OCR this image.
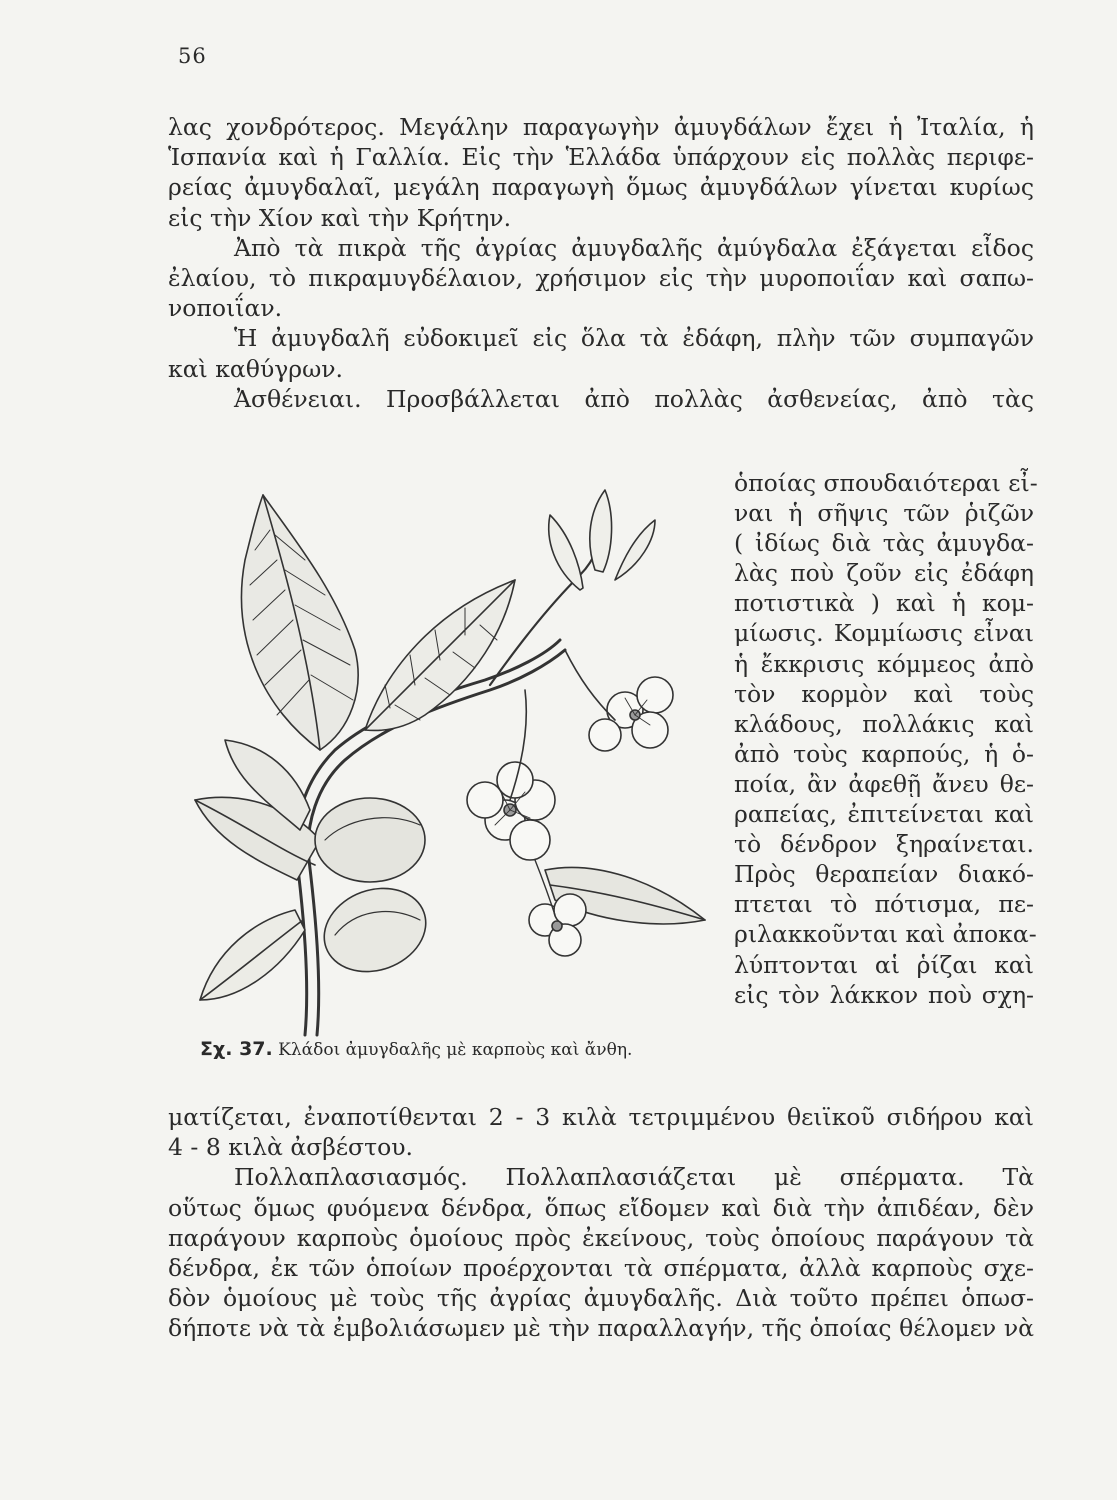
56
λας χονδρότερος. Μεγάλην παραγωγὴν ἀμυγδάλων ἔχει ἡ Ἰταλία, ἡ
Ἱσπανία καὶ ἡ Γαλλία. Εἰς τὴν Ἑλλάδα ὑπάρχουν εἰς πολλὰς περιφε-
ρείας ἀμυγδαλαῖ, μεγάλη παραγωγὴ ὅμως ἀμυγδάλων γίνεται κυρίως
εἰς τὴν Χίον καὶ τὴν Κρήτην.
Ἀπὸ τὰ πικρὰ τῆς ἀγρίας ἀμυγδαλῆς ἀμύγδαλα ἐξάγεται εἶδος
ἐλαίου, τὸ πικραμυγδέλαιον, χρήσιμον εἰς τὴν μυροποιΐαν καὶ σαπω-
νοποιΐαν.
Ἡ ἀμυγδαλῆ εὐδοκιμεῖ εἰς ὅλα τὰ ἐδάφη, πλὴν τῶν συμπαγῶν
καὶ καθύγρων.
Ἀσθένειαι. Προσβάλλεται ἀπὸ πολλὰς ἀσθενείας, ἀπὸ τὰς
ὁποίας σπουδαιότεραι εἶ-
ναι ἡ σῆψις τῶν ῥιζῶν
( ἰδίως διὰ τὰς ἀμυγδα-
λὰς ποὺ ζοῦν εἰς ἐδάφη
ποτιστικὰ ) καὶ ἡ κομ-
μίωσις. Κομμίωσις εἶναι
ἡ ἔκκρισις κόμμεος ἀπὸ
τὸν κορμὸν καὶ τοὺς
κλάδους, πολλάκις καὶ
ἀπὸ τοὺς καρπούς, ἡ ὁ-
ποία, ἂν ἀφεθῇ ἄνευ θε-
ραπείας, ἐπιτείνεται καὶ
τὸ δένδρον ξηραίνεται.
Πρὸς θεραπείαν διακό-
πτεται τὸ πότισμα, πε-
ριλακκοῦνται καὶ ἀποκα-
λύπτονται αἱ ῥίζαι καὶ
εἰς τὸν λάκκον ποὺ σχη-
Σχ. 37. Κλάδοι ἀμυγδαλῆς μὲ καρποὺς καὶ ἄνθη.
ματίζεται, ἐναποτίθενται 2 - 3 κιλὰ τετριμμένου θειϊκοῦ σιδήρου καὶ
4 - 8 κιλὰ ἀσβέστου.
Πολλαπλασιασμός. Πολλαπλασιάζεται μὲ σπέρματα. Τὰ
οὕτως ὅμως φυόμενα δένδρα, ὅπως εἴδομεν καὶ διὰ τὴν ἀπιδέαν, δὲν
παράγουν καρποὺς ὁμοίους πρὸς ἐκείνους, τοὺς ὁποίους παράγουν τὰ
δένδρα, ἐκ τῶν ὁποίων προέρχονται τὰ σπέρματα, ἀλλὰ καρποὺς σχε-
δὸν ὁμοίους μὲ τοὺς τῆς ἀγρίας ἀμυγδαλῆς. Διὰ τοῦτο πρέπει ὁπωσ-
δήποτε νὰ τὰ ἐμβολιάσωμεν μὲ τὴν παραλλαγήν, τῆς ὁποίας θέλομεν νὰ
